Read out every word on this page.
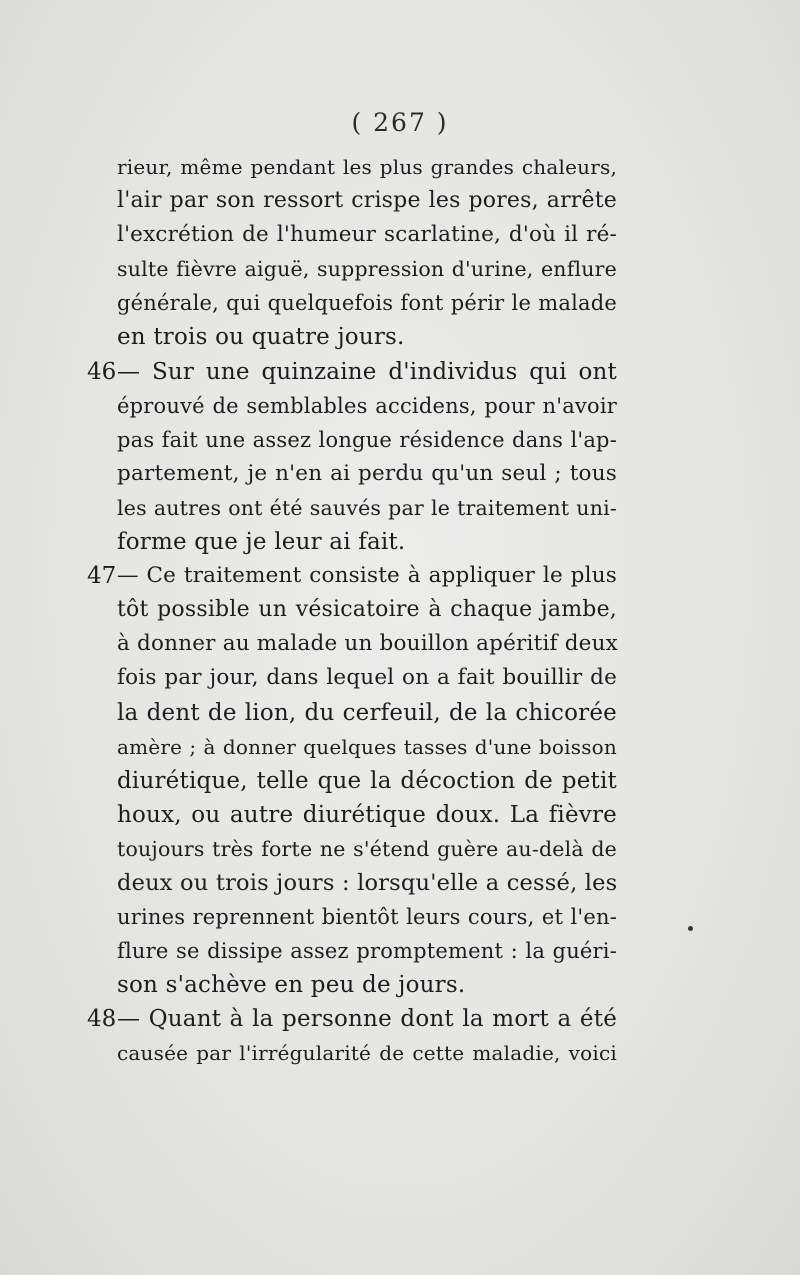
( 267 )
rieur, même pendant les plus grandes chaleurs,
l'air par son ressort crispe les pores, arrête
l'excrétion de l'humeur scarlatine, d'où il ré-
sulte fièvre aiguë, suppression d'urine, enflure
générale, qui quelquefois font périr le malade
en trois ou quatre jours.
46 — Sur une quinzaine d'individus qui ont
éprouvé de semblables accidens, pour n'avoir
pas fait une assez longue résidence dans l'ap-
partement, je n'en ai perdu qu'un seul ; tous
les autres ont été sauvés par le traitement uni-
forme que je leur ai fait.
47 — Ce traitement consiste à appliquer le plus
tôt possible un vésicatoire à chaque jambe,
à donner au malade un bouillon apéritif deux
fois par jour, dans lequel on a fait bouillir de
la dent de lion, du cerfeuil, de la chicorée
amère ; à donner quelques tasses d'une boisson
diurétique, telle que la décoction de petit
houx, ou autre diurétique doux. La fièvre
toujours très forte ne s'étend guère au-delà de
deux ou trois jours : lorsqu'elle a cessé, les
urines reprennent bientôt leurs cours, et l'en-
flure se dissipe assez promptement : la guéri-
son s'achève en peu de jours.
48 — Quant à la personne dont la mort a été
causée par l'irrégularité de cette maladie, voici
